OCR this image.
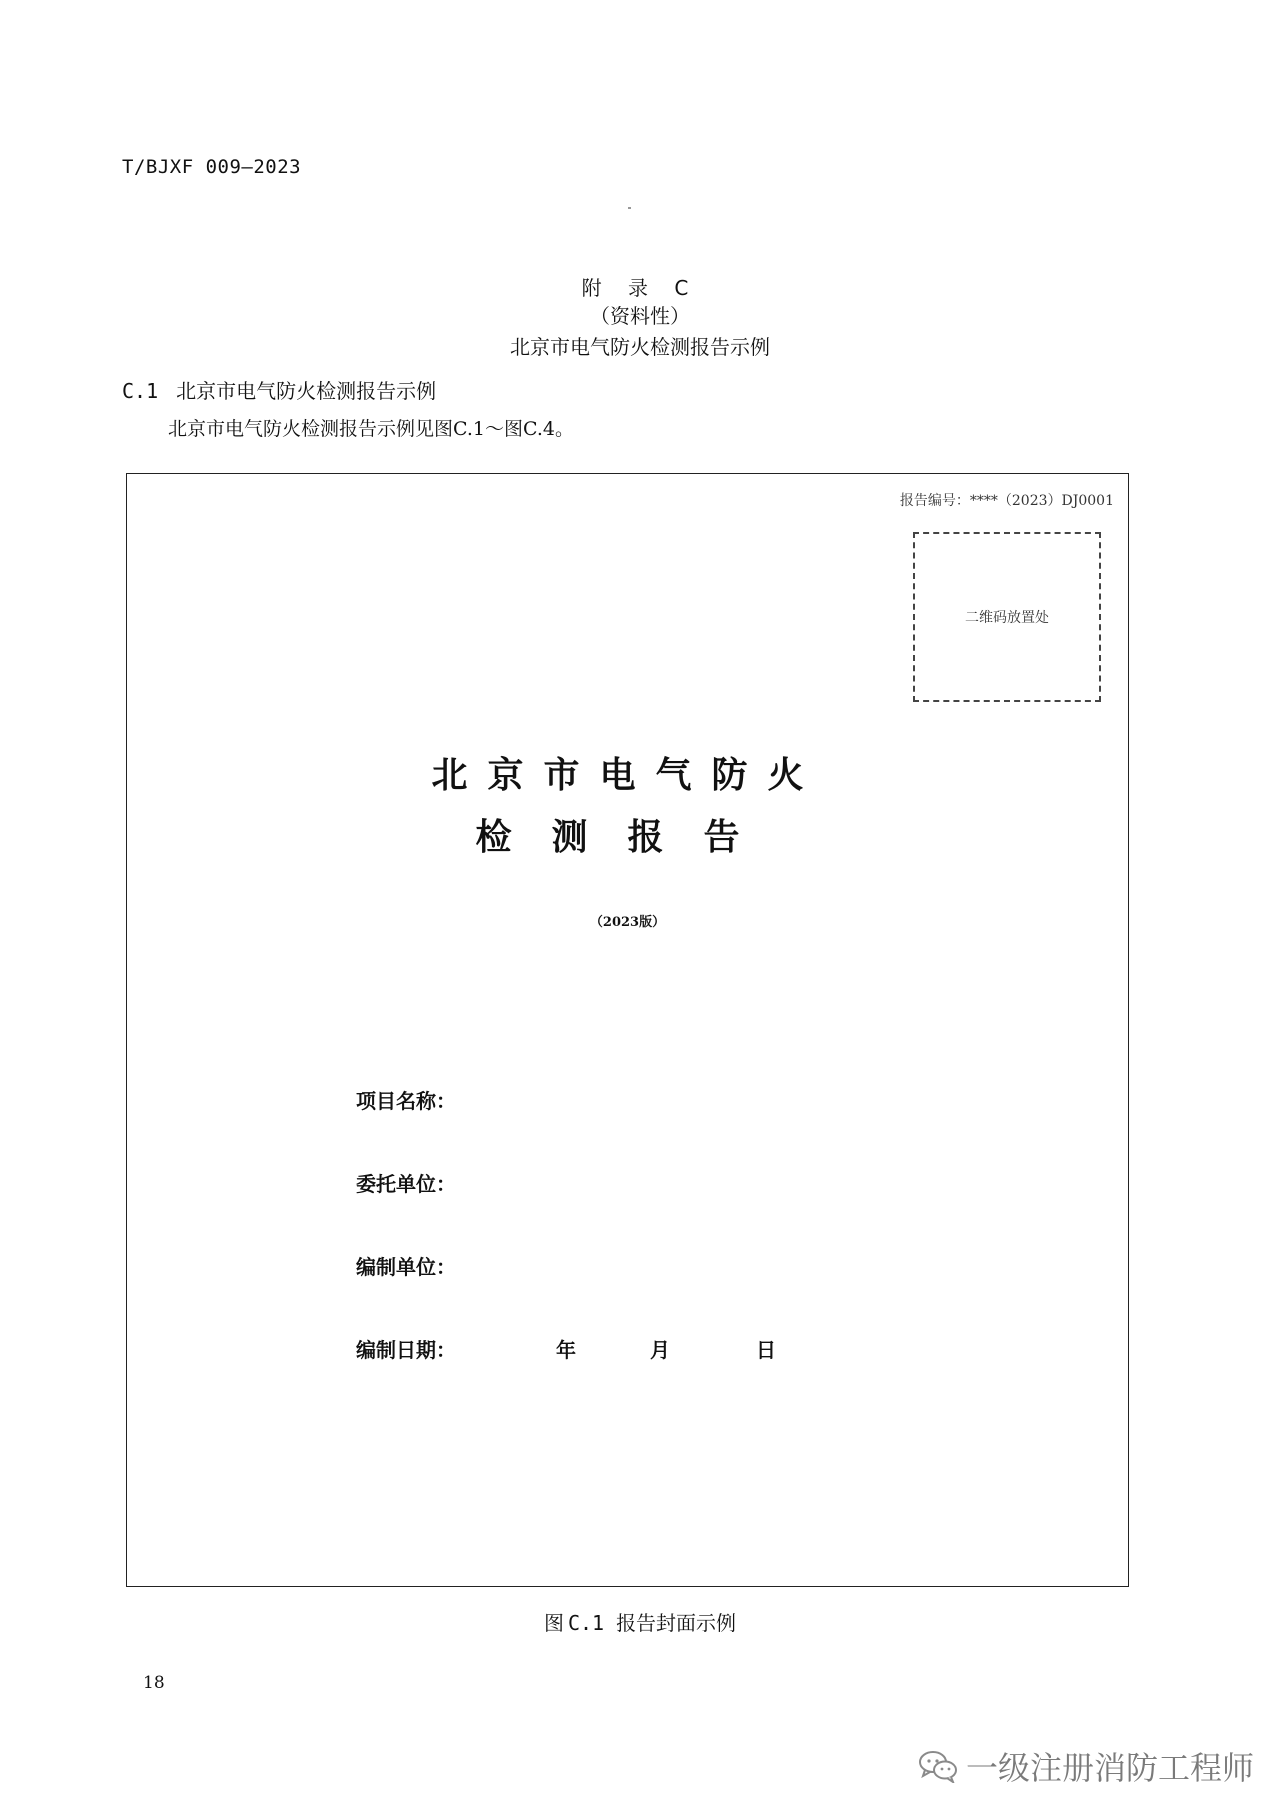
T/BJXF 009—2023
附 录 C
（资料性）
北京市电气防火检测报告示例
C.1 北京市电气防火检测报告示例
北京市电气防火检测报告示例见图C.1～图C.4。
报告编号：****（2023）DJ0001
二维码放置处
北京市电气防火
检测报告
（2023版）
项目名称：
委托单位：
编制单位：
编制日期：	年	月	日
图 C.1 报告封面示例
18
一级注册消防工程师
